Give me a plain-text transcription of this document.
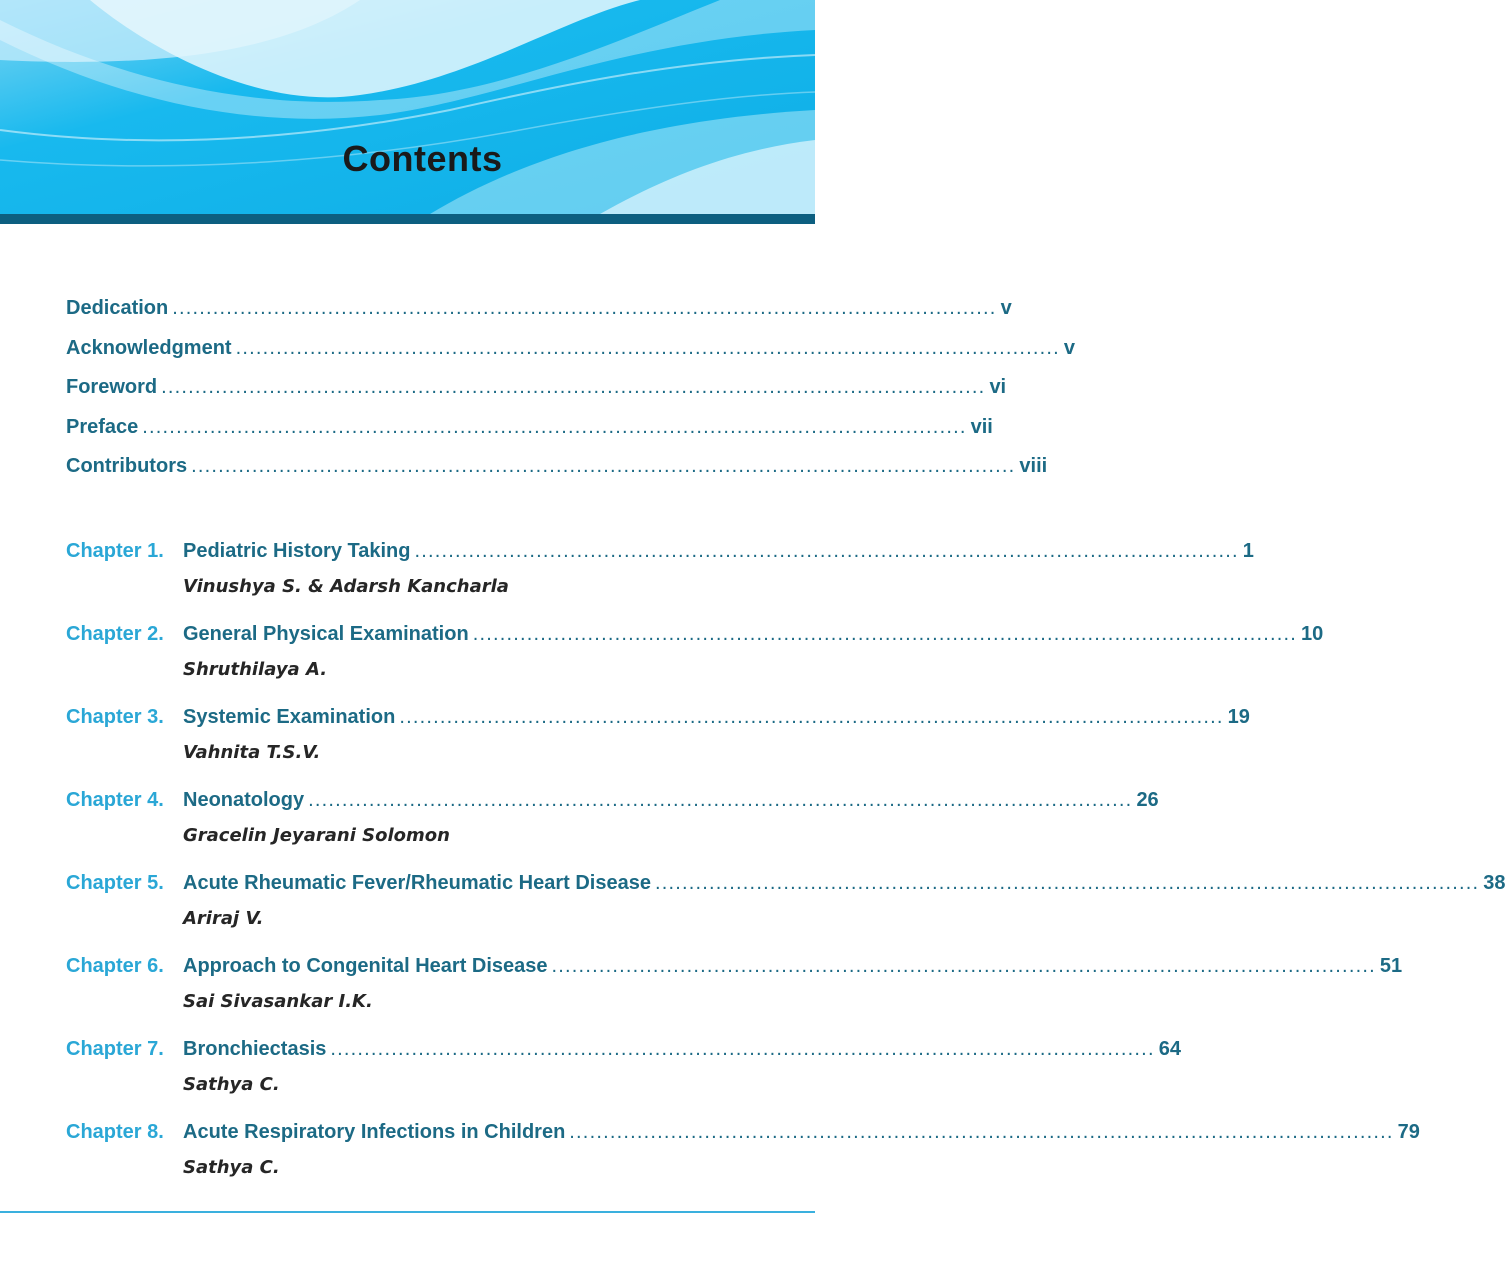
Contents
Dedication .......................................................................................................................... v
Acknowledgment .......................................................................................................................... v
Foreword .......................................................................................................................... vi
Preface .......................................................................................................................... vii
Contributors .......................................................................................................................... viii
Chapter 1. Pediatric History Taking .......................................................................................................................... 1
Vinushya S. & Adarsh Kancharla
Chapter 2. General Physical Examination .......................................................................................................................... 10
Shruthilaya A.
Chapter 3. Systemic Examination .......................................................................................................................... 19
Vahnita T.S.V.
Chapter 4. Neonatology .......................................................................................................................... 26
Gracelin Jeyarani Solomon
Chapter 5. Acute Rheumatic Fever/Rheumatic Heart Disease .......................................................................................................................... 38
Ariraj V.
Chapter 6. Approach to Congenital Heart Disease .......................................................................................................................... 51
Sai Sivasankar I.K.
Chapter 7. Bronchiectasis .......................................................................................................................... 64
Sathya C.
Chapter 8. Acute Respiratory Infections in Children .......................................................................................................................... 79
Sathya C.
